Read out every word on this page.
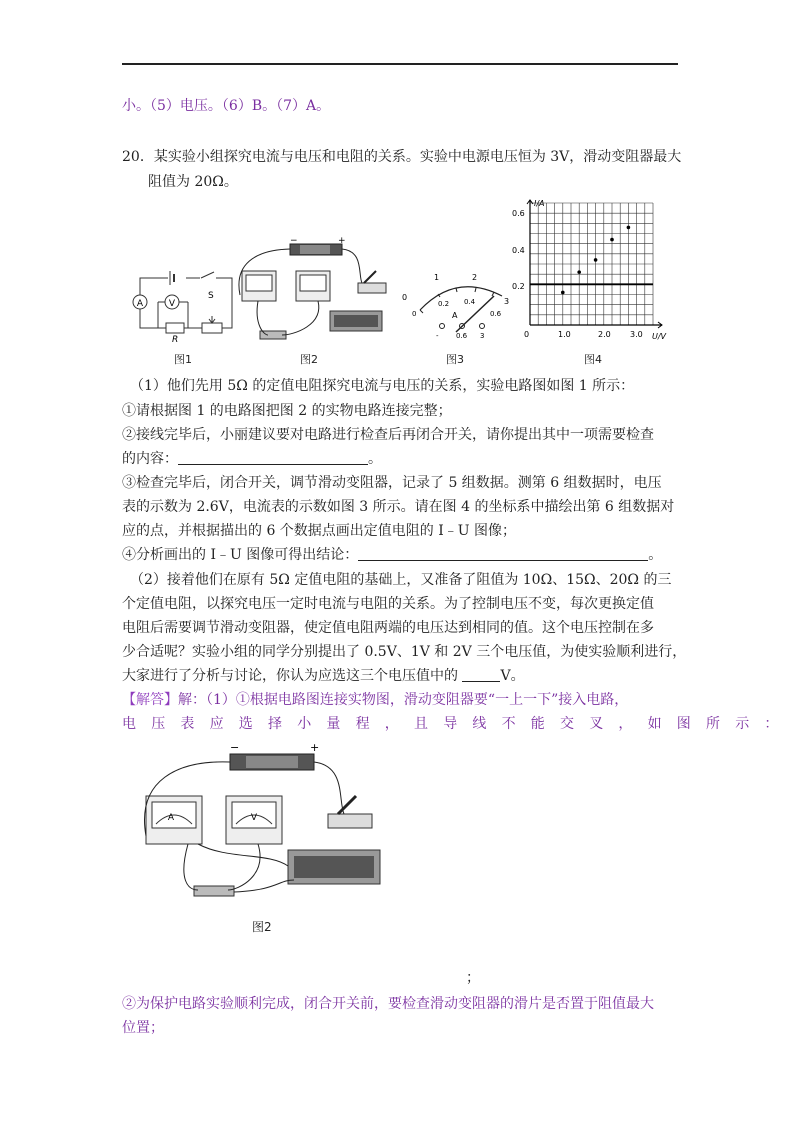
小。（5）电压。（6）B。（7）A。
20．某实验小组探究电流与电压和电阻的关系。实验中电源电压恒为 3V，滑动变阻器最大
阻值为 20Ω。
A	V
S
R
图1
−	+
图2
0
1	2
3
0.2 0.4
0.6
0	A
- 0.6 3
图3
I/A
U/V
0.6
0.4
0.2
0	1.0	2.0 3.0
图4
（1）他们先用 5Ω 的定值电阻探究电流与电压的关系，实验电路图如图 1 所示：
①请根据图 1 的电路图把图 2 的实物电路连接完整；
②接线完毕后，小丽建议要对电路进行检查后再闭合开关，请你提出其中一项需要检查
的内容：	。
③检查完毕后，闭合开关，调节滑动变阻器，记录了 5 组数据。测第 6 组数据时，电压
表的示数为 2.6V，电流表的示数如图 3 所示。请在图 4 的坐标系中描绘出第 6 组数据对
应的点，并根据描出的 6 个数据点画出定值电阻的 I﹣U 图像；
④分析画出的 I﹣U 图像可得出结论：	。
（2）接着他们在原有 5Ω 定值电阻的基础上，又准备了阻值为 10Ω、15Ω、20Ω 的三
个定值电阻，以探究电压一定时电流与电阻的关系。为了控制电压不变，每次更换定值
电阻后需要调节滑动变阻器，使定值电阻两端的电压达到相同的值。这个电压控制在多
少合适呢？实验小组的同学分别提出了 0.5V、1V 和 2V 三个电压值，为使实验顺利进行，
大家进行了分析与讨论，你认为应选这三个电压值中的	V。
【解答】解：（1）①根据电路图连接实物图，滑动变阻器要“一上一下”接入电路，
电压表应选择小量程，且导线不能交叉，如图所示：
−	+
A	V
图2
；
②为保护电路实验顺利完成，闭合开关前，要检查滑动变阻器的滑片是否置于阻值最大
位置；
